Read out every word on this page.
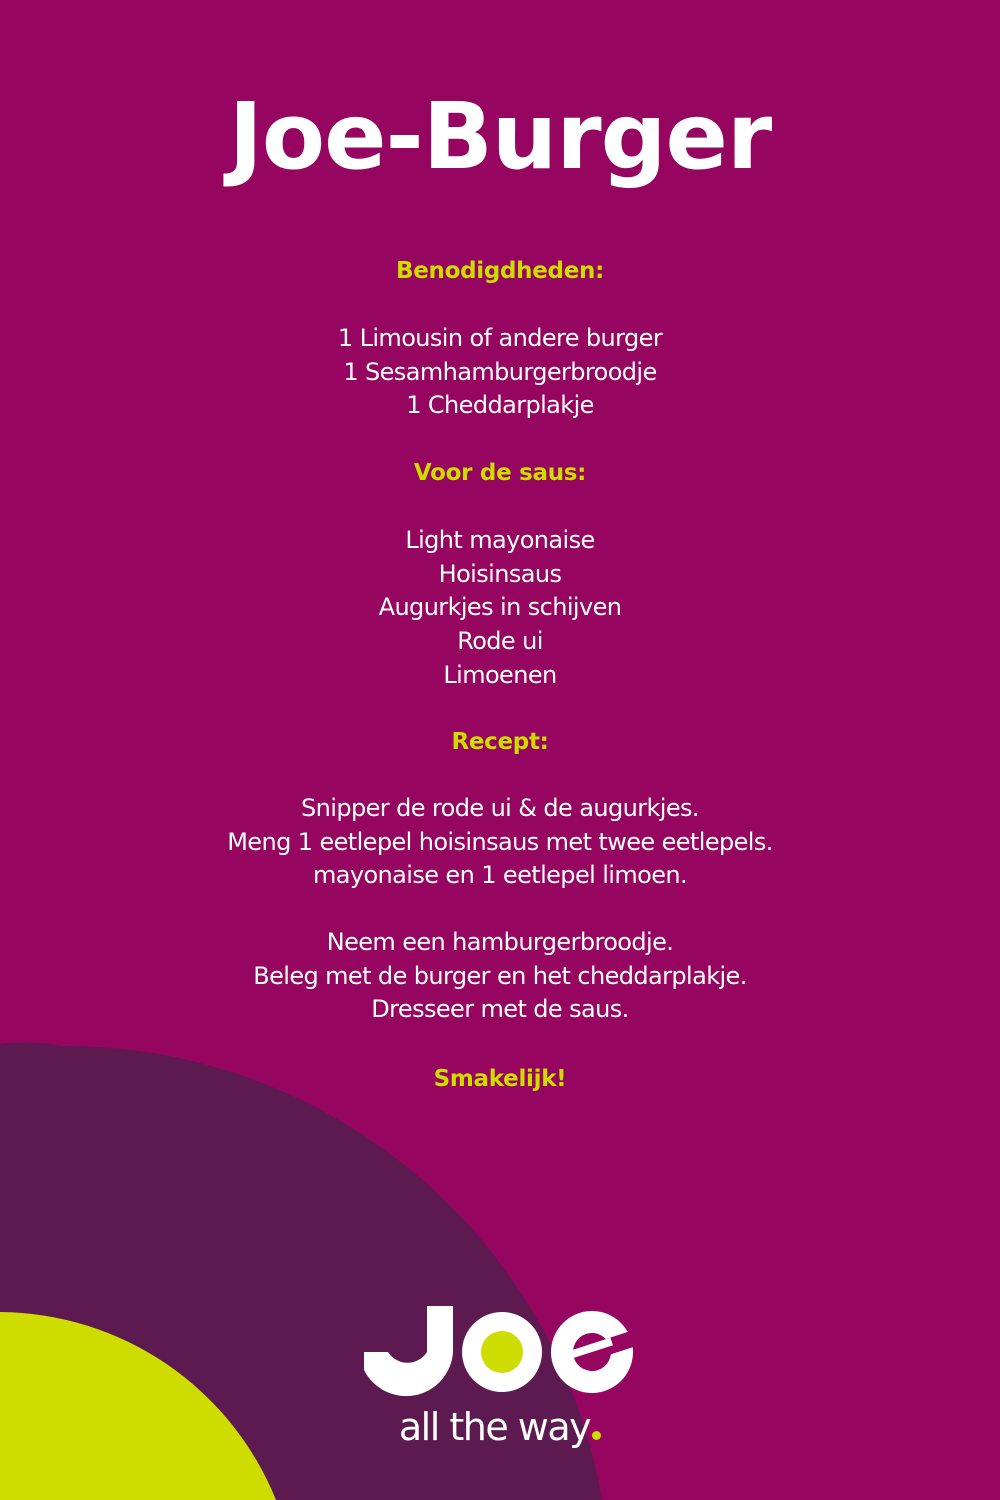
Joe-Burger

Benodigdheden:

1 Limousin of andere burger
1 Sesamhamburgerbroodje
1 Cheddarplakje

Voor de saus:

Light mayonaise
Hoisinsaus
Augurkjes in schijven
Rode ui
Limoenen

Recept:

Snipper de rode ui & de augurkjes.
Meng 1 eetlepel hoisinsaus met twee eetlepels.
mayonaise en 1 eetlepel limoen.
Neem een hamburgerbroodje.
Beleg met de burger en het cheddarplakje.
Dresseer met de saus.

Smakelijk!

all the way
